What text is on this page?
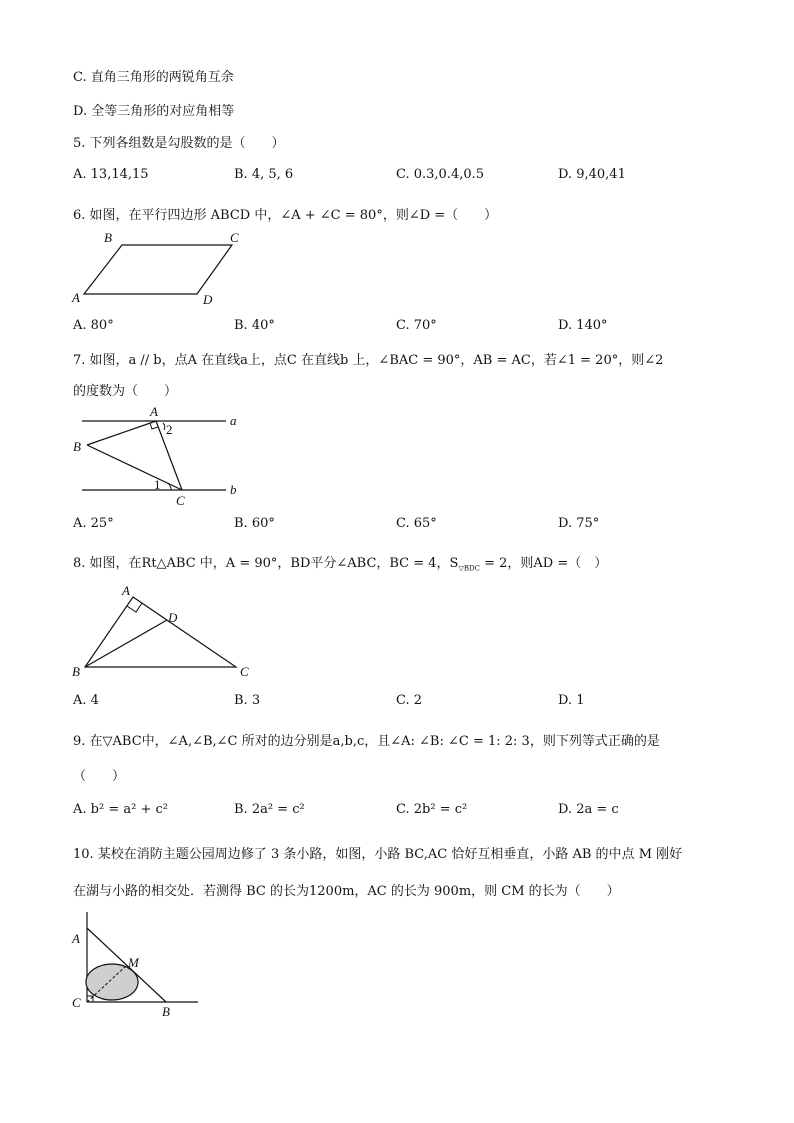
C. 直角三角形的两锐角互余
D. 全等三角形的对应角相等
5. 下列各组数是勾股数的是（　　）
A. 13,14,15	B. 4, 5, 6	C. 0.3,0.4,0.5	D. 9,40,41
6. 如图，在平行四边形 ABCD 中，∠A + ∠C = 80°，则∠D =（　　）
B	C
A	D
A. 80°	B. 40°	C. 70°	D. 140°
7. 如图，a // b，点A 在直线a上，点C 在直线b 上，∠BAC = 90°，AB = AC，若∠1 = 20°，则∠2
的度数为（　　）
A
B
C
a
b
1
2
A. 25°	B. 60°	C. 65°	D. 75°
8. 如图，在Rt△ABC 中，A = 90°，BD平分∠ABC，BC = 4，$S_{▽BDC} = 2$，则AD =（　）
A
B	C
D
A. 4	B. 3	C. 2	D. 1
9. 在▽ABC中，∠A,∠B,∠C 所对的边分别是a,b,c，且∠A: ∠B: ∠C = 1: 2: 3，则下列等式正确的是
（　　）
A. b² = a² + c²	B. 2a² = c²	C. 2b² = c²	D. 2a = c
10. 某校在消防主题公园周边修了 3 条小路，如图，小路 BC,AC 恰好互相垂直，小路 AB 的中点 M 刚好
在湖与小路的相交处．若测得 BC 的长为1200m，AC 的长为 900m，则 CM 的长为（　　）
A
M
C
B
